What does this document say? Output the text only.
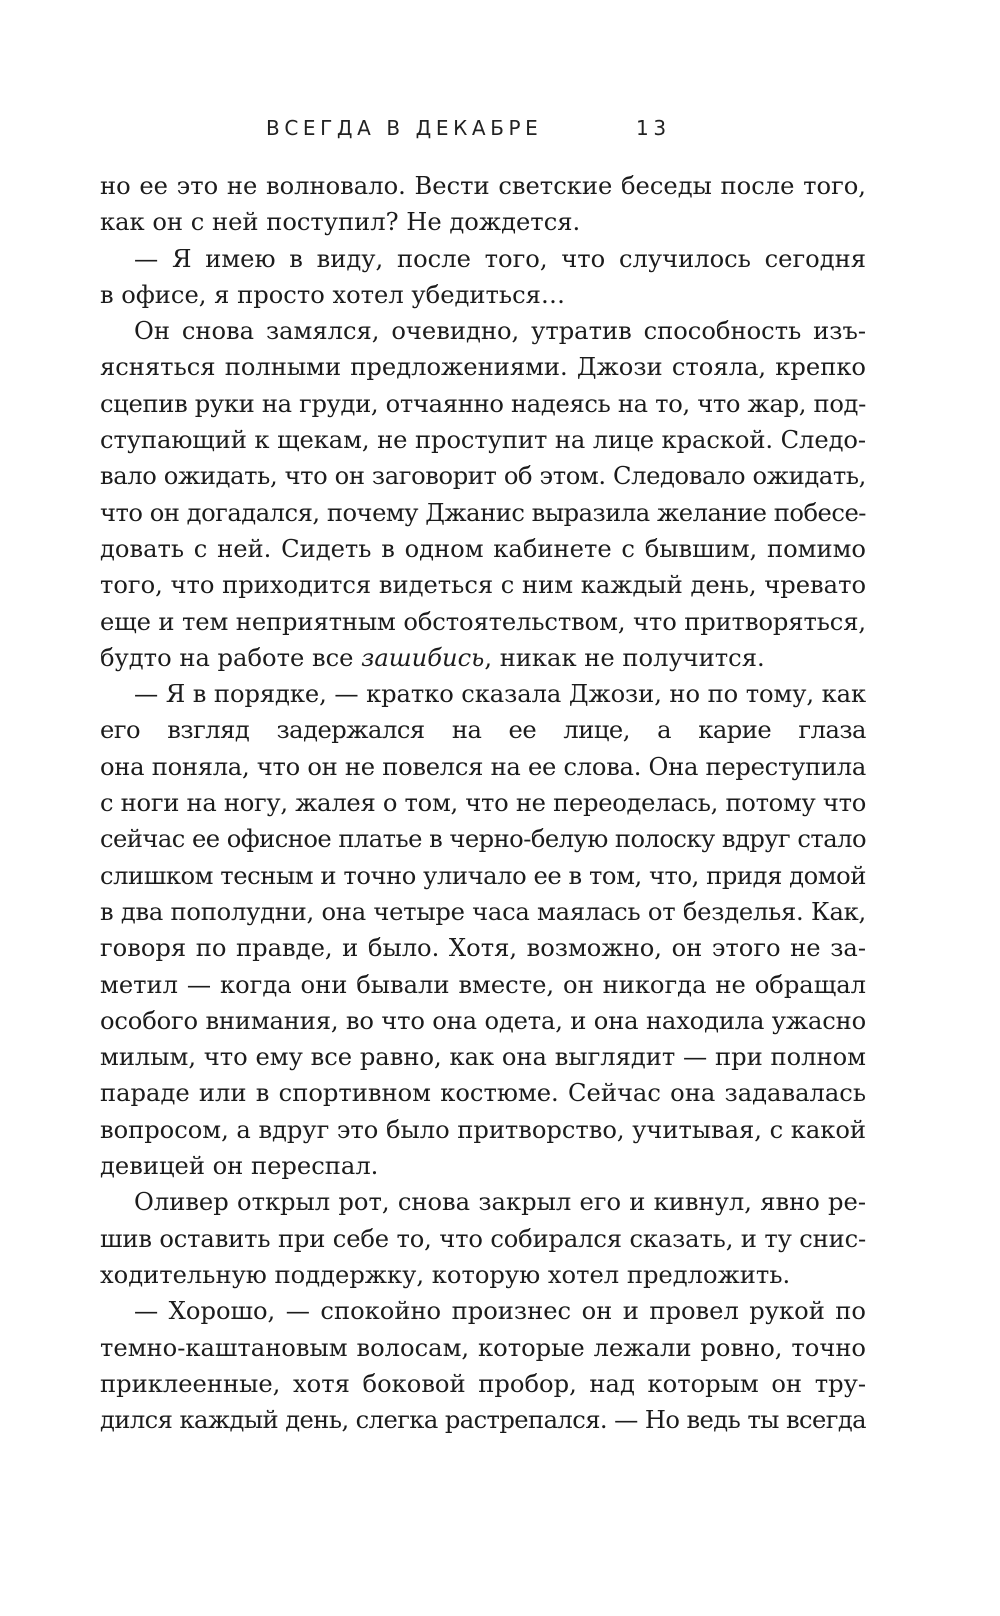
ВСЕГДА В ДЕКАБРЕ	13
но ее это не волновало. Вести светские беседы после того,
как он с ней поступил? Не дождется.
— Я имею в виду, после того, что случилось сегодня
в офисе, я просто хотел убедиться…
Он снова замялся, очевидно, утратив способность изъ-
ясняться полными предложениями. Джози стояла, крепко
сцепив руки на груди, отчаянно надеясь на то, что жар, под-
ступающий к щекам, не проступит на лице краской. Следо-
вало ожидать, что он заговорит об этом. Следовало ожидать,
что он догадался, почему Джанис выразила желание побесе-
довать с ней. Сидеть в одном кабинете с бывшим, помимо
того, что приходится видеться с ним каждый день, чревато
еще и тем неприятным обстоятельством, что притворяться,
будто на работе все зашибись, никак не получится.
— Я в порядке, — кратко сказала Джози, но по тому, как
его взгляд задержался на ее лице, а карие глаза
она поняла, что он не повелся на ее слова. Она переступила
с ноги на ногу, жалея о том, что не переоделась, потому что
сейчас ее офисное платье в черно-белую полоску вдруг стало
слишком тесным и точно уличало ее в том, что, придя домой
в два пополудни, она четыре часа маялась от безделья. Как,
говоря по правде, и было. Хотя, возможно, он этого не за-
метил — когда они бывали вместе, он никогда не обращал
особого внимания, во что она одета, и она находила ужасно
милым, что ему все равно, как она выглядит — при полном
параде или в спортивном костюме. Сейчас она задавалась
вопросом, а вдруг это было притворство, учитывая, с какой
девицей он переспал.
Оливер открыл рот, снова закрыл его и кивнул, явно ре-
шив оставить при себе то, что собирался сказать, и ту снис-
ходительную поддержку, которую хотел предложить.
— Хорошо, — спокойно произнес он и провел рукой по
темно-каштановым волосам, которые лежали ровно, точно
приклеенные, хотя боковой пробор, над которым он тру-
дился каждый день, слегка растрепался. — Но ведь ты всегда
